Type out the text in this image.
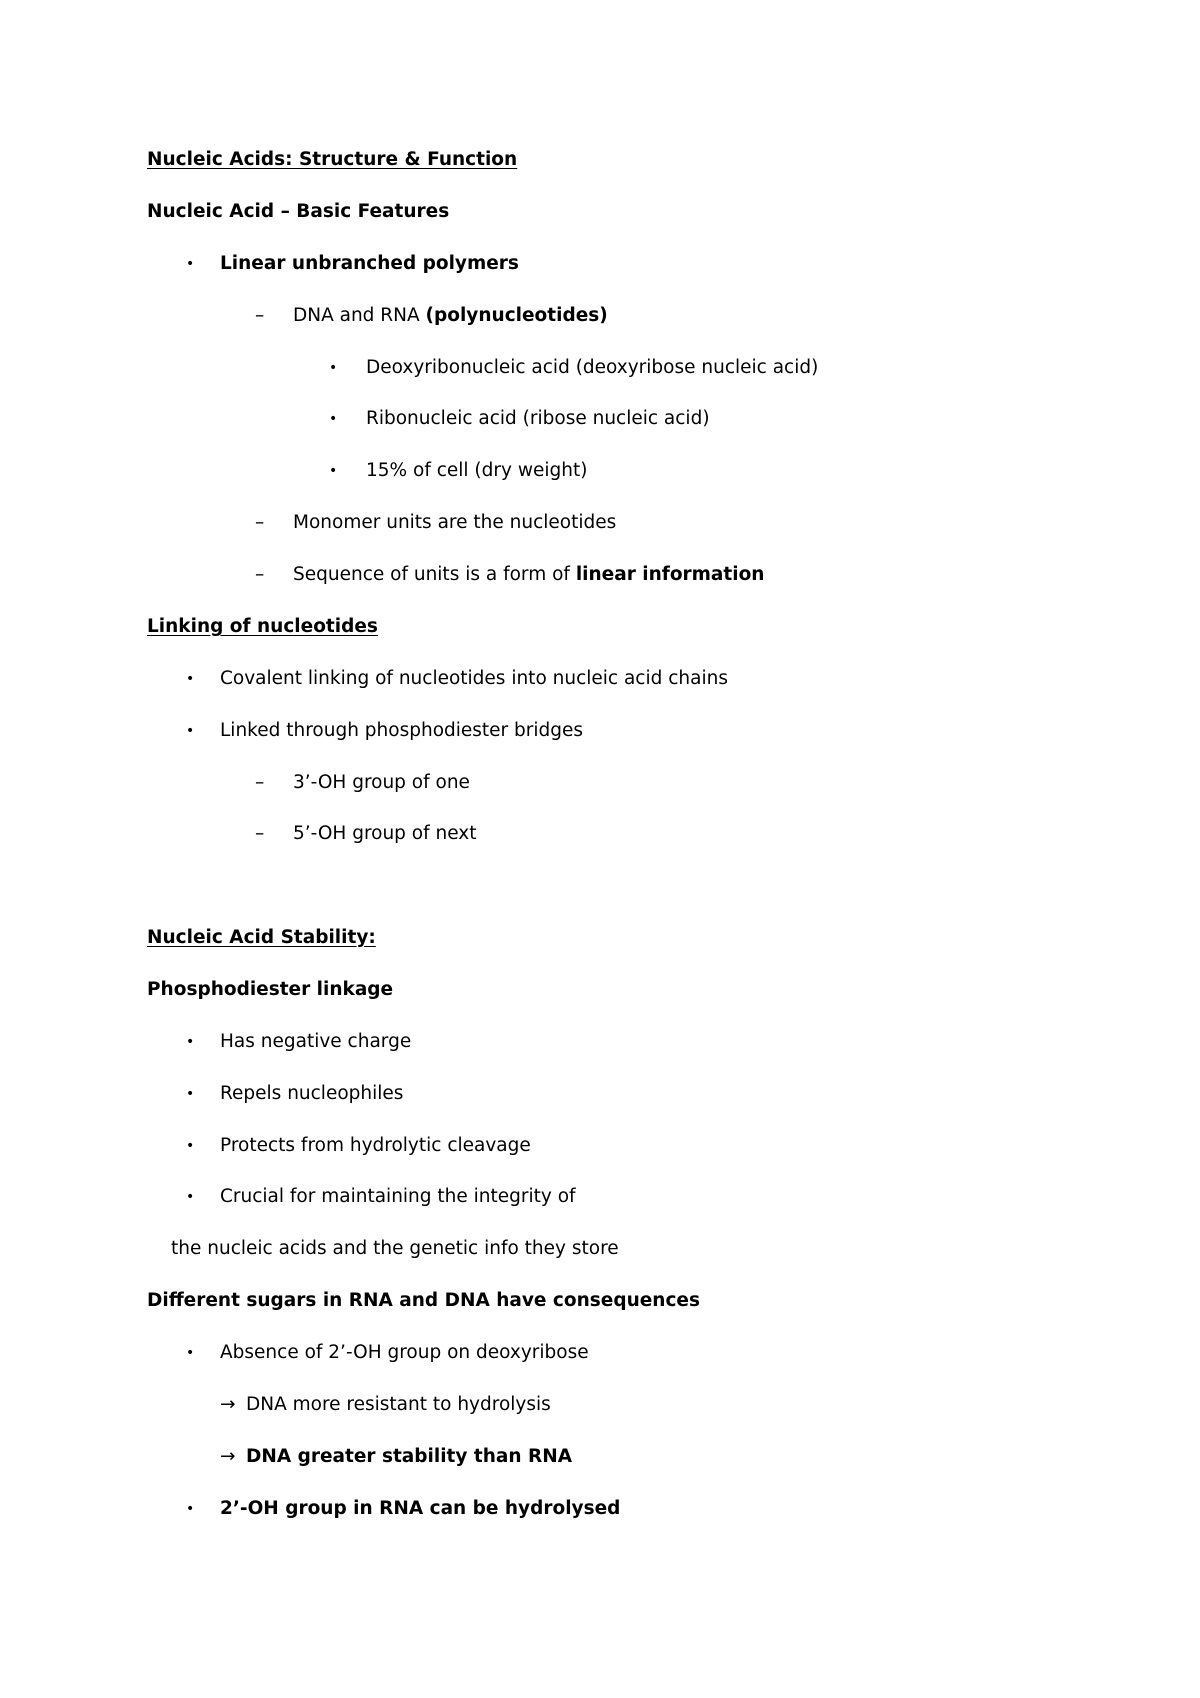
Nucleic Acids: Structure & Function
Nucleic Acid – Basic Features
• Linear unbranched polymers
– DNA and RNA (polynucleotides)
• Deoxyribonucleic acid (deoxyribose nucleic acid)
• Ribonucleic acid (ribose nucleic acid)
• 15% of cell (dry weight)
– Monomer units are the nucleotides
– Sequence of units is a form of linear information
Linking of nucleotides
• Covalent linking of nucleotides into nucleic acid chains
• Linked through phosphodiester bridges
– 3’-OH group of one
– 5’-OH group of next
Nucleic Acid Stability:
Phosphodiester linkage
• Has negative charge
• Repels nucleophiles
• Protects from hydrolytic cleavage
• Crucial for maintaining the integrity of
the nucleic acids and the genetic info they store
Different sugars in RNA and DNA have consequences
• Absence of 2’-OH group on deoxyribose
→ DNA more resistant to hydrolysis
→ DNA greater stability than RNA
• 2’-OH group in RNA can be hydrolysed
